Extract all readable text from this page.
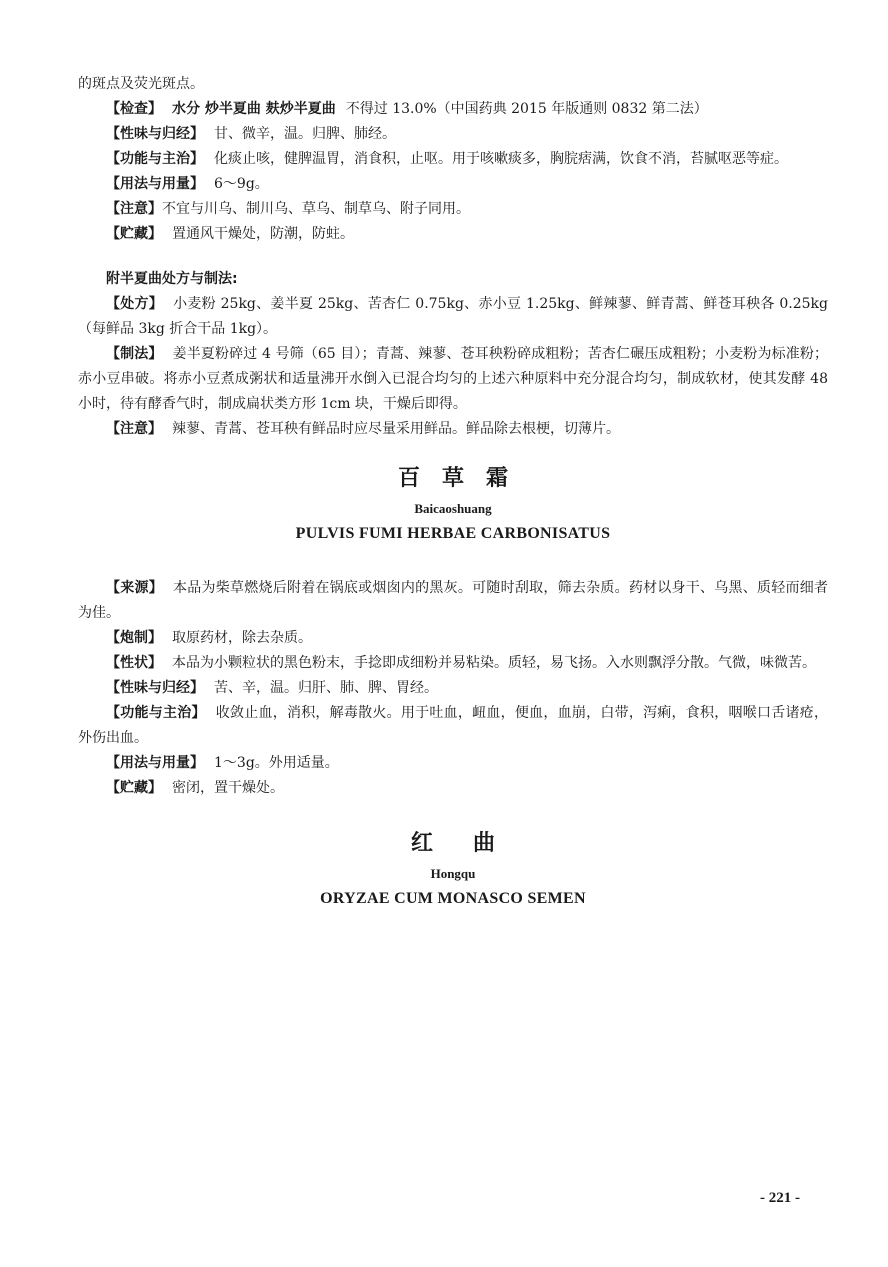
的斑点及荧光斑点。

【检查】 水分 炒半夏曲 麸炒半夏曲 不得过 13.0%（中国药典 2015 年版通则 0832 第二法）

【性味与归经】 甘、微辛，温。归脾、肺经。

【功能与主治】 化痰止咳，健脾温胃，消食积，止呕。用于咳嗽痰多，胸脘痞满，饮食不消，苔腻呕恶等症。

【用法与用量】 6～9g。

【注意】不宜与川乌、制川乌、草乌、制草乌、附子同用。

【贮藏】 置通风干燥处，防潮，防蛀。

附半夏曲处方与制法:

【处方】 小麦粉 25kg、姜半夏 25kg、苦杏仁 0.75kg、赤小豆 1.25kg、鲜辣蓼、鲜青蒿、鲜苍耳秧各 0.25kg（每鲜品 3kg 折合干品 1kg）。

【制法】 姜半夏粉碎过 4 号筛（65 目）；青蒿、辣蓼、苍耳秧粉碎成粗粉；苦杏仁碾压成粗粉；小麦粉为标准粉；赤小豆串破。将赤小豆煮成粥状和适量沸开水倒入已混合均匀的上述六种原料中充分混合均匀，制成软材，使其发酵 48 小时，待有酵香气时，制成扁状类方形 1cm 块，干燥后即得。

【注意】 辣蓼、青蒿、苍耳秧有鲜品时应尽量采用鲜品。鲜品除去根梗，切薄片。

百草霜

Baicaoshuang

PULVIS FUMI HERBAE CARBONISATUS

【来源】 本品为柴草燃烧后附着在锅底或烟囱内的黑灰。可随时刮取，筛去杂质。药材以身干、乌黑、质轻而细者为佳。

【炮制】 取原药材，除去杂质。

【性状】 本品为小颗粒状的黑色粉末，手捻即成细粉并易粘染。质轻，易飞扬。入水则飘浮分散。气微，味微苦。

【性味与归经】 苦、辛，温。归肝、肺、脾、胃经。

【功能与主治】 收敛止血，消积，解毒散火。用于吐血，衄血，便血，血崩，白带，泻痢，食积，咽喉口舌诸疮，外伤出血。

【用法与用量】 1～3g。外用适量。

【贮藏】 密闭，置干燥处。

红曲

Hongqu

ORYZAE CUM MONASCO SEMEN

- 221 -
